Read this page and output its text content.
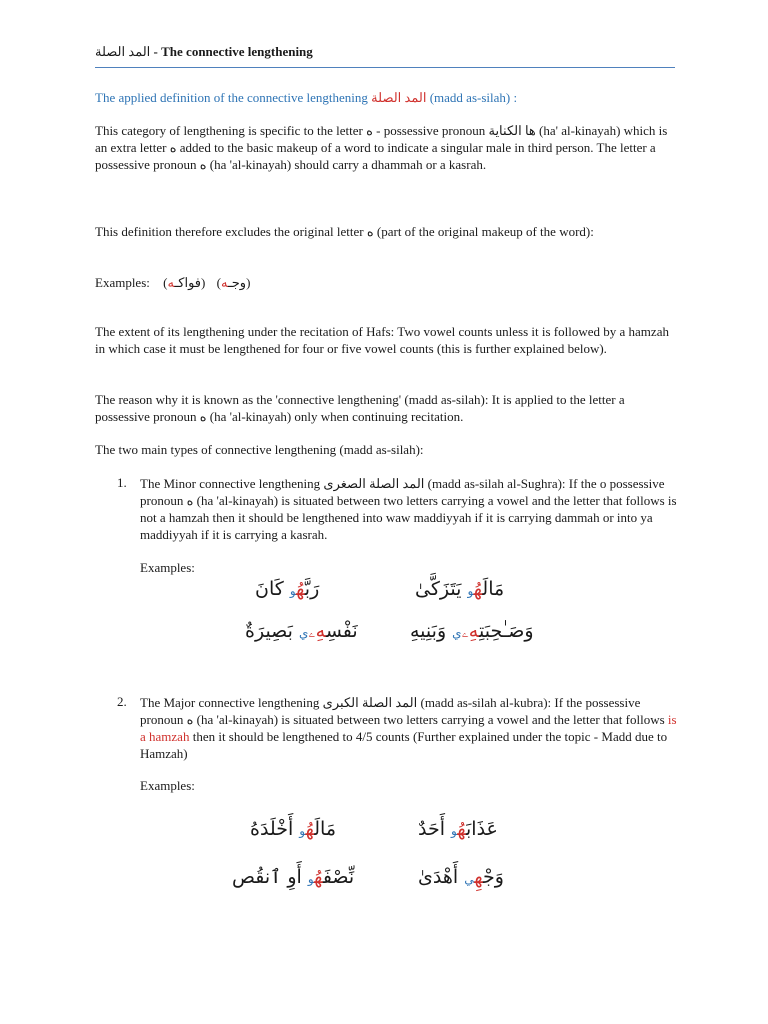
المد الصلة - The connective lengthening
The applied definition of the connective lengthening المد الصلة (madd as-silah) :
This category of lengthening is specific to the letter ه - possessive pronoun ها الكناية (ha' al-kinayah) which is an extra letter ه added to the basic makeup of a word to indicate a singular male in third person. The letter a possessive pronoun ه (ha 'al-kinayah) should carry a dhammah or a kasrah.
This definition therefore excludes the original letter ه (part of the original makeup of the word):
Examples: ( فواكـه ) ( وجـه )
The extent of its lengthening under the recitation of Hafs: Two vowel counts unless it is followed by a hamzah in which case it must be lengthened for four or five vowel counts (this is further explained below).
The reason why it is known as the 'connective lengthening' (madd as-silah): It is applied to the letter a possessive pronoun ه (ha 'al-kinayah) only when continuing recitation.
The two main types of connective lengthening (madd as-silah):
1. The Minor connective lengthening المد الصلة الصغرى (madd as-silah al-Sughra): If the o possessive pronoun ه (ha 'al-kinayah) is situated between two letters carrying a vowel and the letter that follows is not a hamzah then it should be lengthened into waw maddiyyah if it is carrying dammah or into ya maddiyyah if it is carrying a kasrah.
Examples:
مَالَهُو يَتَزَكَّىٰ
رَبَّهُو كَانَ
وَصَـٰحِبَتِهِۦي وَبَنِيهِ
نَفْسِهِۦي بَصِيرَةٌ
2. The Major connective lengthening المد الصلة الكبرى (madd as-silah al-kubra): If the possessive pronoun ه (ha 'al-kinayah) is situated between two letters carrying a vowel and the letter that follows is a hamzah then it should be lengthened to 4/5 counts (Further explained under the topic - Madd due to Hamzah)
Examples:
عَذَابَهُو أَحَدٌ
مَالَهُو أَخْلَدَهُ
وَجْهِي أَهْدَىٰ
نِّصْفَهُو أَوِ ٱنقُص
